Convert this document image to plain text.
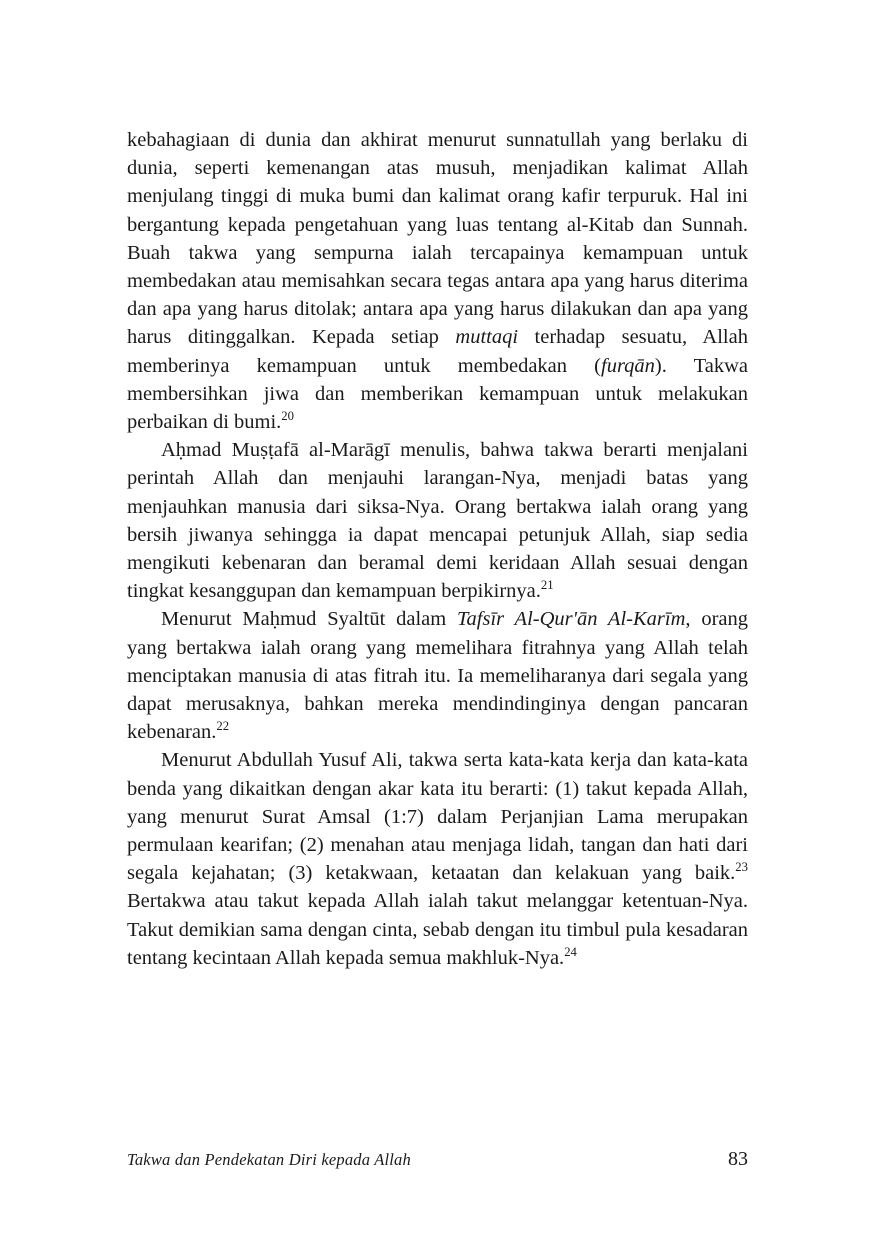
kebahagiaan di dunia dan akhirat menurut sunnatullah yang berlaku di dunia, seperti kemenangan atas musuh, menjadikan kalimat Allah menjulang tinggi di muka bumi dan kalimat orang kafir terpuruk. Hal ini bergantung kepada pengetahuan yang luas tentang al-Kitab dan Sunnah. Buah takwa yang sempurna ialah tercapainya kemampuan untuk membedakan atau memisahkan secara tegas antara apa yang harus diterima dan apa yang harus ditolak; antara apa yang harus dilakukan dan apa yang harus ditinggalkan. Kepada setiap muttaqi terhadap sesuatu, Allah memberinya kemampuan untuk membedakan (furqān). Takwa membersihkan jiwa dan memberikan kemampuan untuk melakukan perbaikan di bumi.$^{20}$

Aḥmad Muṣṭafā al-Marāgī menulis, bahwa takwa berarti menjalani perintah Allah dan menjauhi larangan-Nya, menjadi batas yang menjauhkan manusia dari siksa-Nya. Orang bertakwa ialah orang yang bersih jiwanya sehingga ia dapat mencapai petunjuk Allah, siap sedia mengikuti kebenaran dan beramal demi keridaan Allah sesuai dengan tingkat kesanggupan dan kemampuan berpikirnya.$^{21}$

Menurut Maḥmud Syaltūt dalam Tafsīr Al-Qur'ān Al-Karīm, orang yang bertakwa ialah orang yang memelihara fitrahnya yang Allah telah menciptakan manusia di atas fitrah itu. Ia memeliharanya dari segala yang dapat merusaknya, bahkan mereka mendindinginya dengan pancaran kebenaran.$^{22}$

Menurut Abdullah Yusuf Ali, takwa serta kata-kata kerja dan kata-kata benda yang dikaitkan dengan akar kata itu berarti: (1) takut kepada Allah, yang menurut Surat Amsal (1:7) dalam Perjanjian Lama merupakan permulaan kearifan; (2) menahan atau menjaga lidah, tangan dan hati dari segala kejahatan; (3) ketakwaan, ketaatan dan kelakuan yang baik.$^{23}$ Bertakwa atau takut kepada Allah ialah takut melanggar ketentuan-Nya. Takut demikian sama dengan cinta, sebab dengan itu timbul pula kesadaran tentang kecintaan Allah kepada semua makhluk-Nya.$^{24}$

Takwa dan Pendekatan Diri kepada Allah	83
